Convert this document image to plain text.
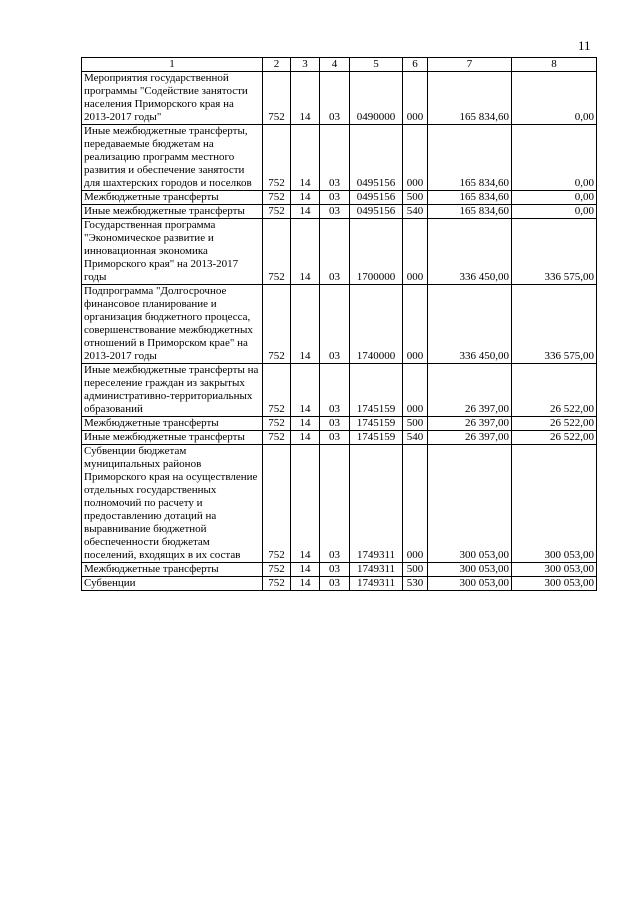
11
1	2	3	4	5	6	7	8
Мероприятия государственной программы "Содействие занятости населения Приморского края на 2013-2017 годы"	752	14	03	0490000	000	165 834,60	0,00
Иные межбюджетные трансферты, передаваемые бюджетам на реализацию программ местного развития и обеспечение занятости для шахтерских городов и поселков	752	14	03	0495156	000	165 834,60	0,00
Межбюджетные трансферты	752	14	03	0495156	500	165 834,60	0,00
Иные межбюджетные трансферты	752	14	03	0495156	540	165 834,60	0,00
Государственная программа "Экономическое развитие и инновационная экономика Приморского края" на 2013-2017 годы	752	14	03	1700000	000	336 450,00	336 575,00
Подпрограмма "Долгосрочное финансовое планирование и организация бюджетного процесса, совершенствование межбюджетных отношений в Приморском крае" на 2013-2017 годы	752	14	03	1740000	000	336 450,00	336 575,00
Иные межбюджетные трансферты на переселение граждан из закрытых административно-территориальных образований	752	14	03	1745159	000	26 397,00	26 522,00
Межбюджетные трансферты	752	14	03	1745159	500	26 397,00	26 522,00
Иные межбюджетные трансферты	752	14	03	1745159	540	26 397,00	26 522,00
Субвенции бюджетам муниципальных районов Приморского края на осуществление отдельных государственных полномочий по расчету и предоставлению дотаций на выравнивание бюджетной обеспеченности бюджетам поселений, входящих в их состав	752	14	03	1749311	000	300 053,00	300 053,00
Межбюджетные трансферты	752	14	03	1749311	500	300 053,00	300 053,00
Субвенции	752	14	03	1749311	530	300 053,00	300 053,00
